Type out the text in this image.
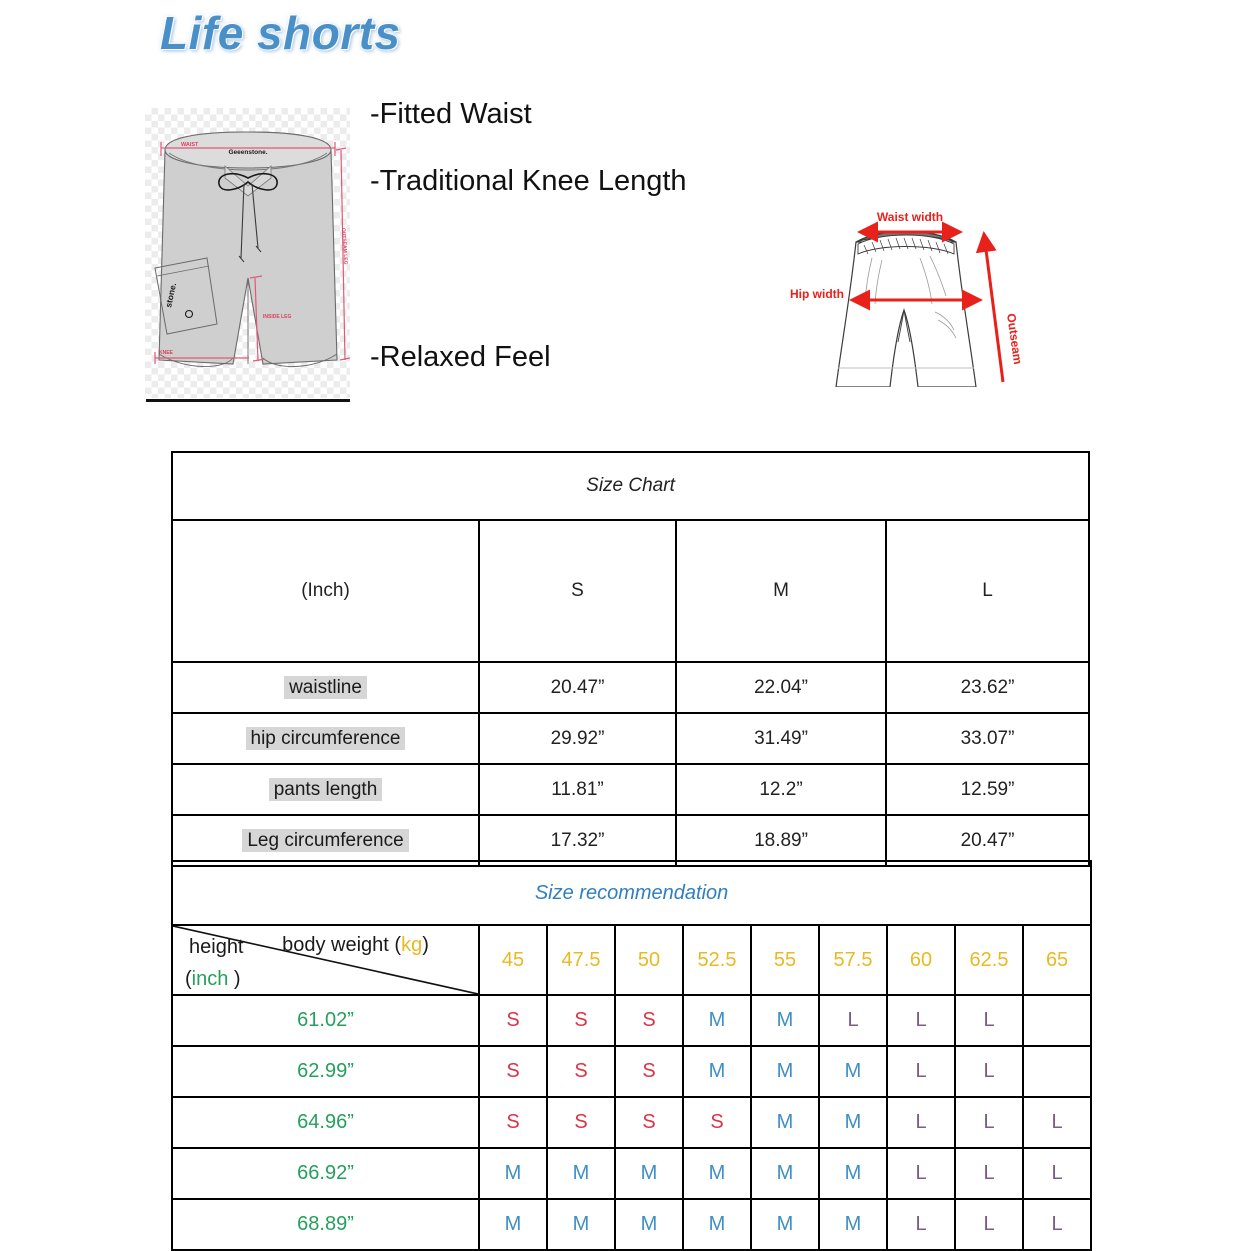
Life shorts
Geeenstone.
stone.
WAIST
OUTSEAM LEG
INSIDE LEG
KNEE
-Fitted Waist
-Traditional Knee Length
-Relaxed Feel
Waist width
Hip width
Outseam
Size Chart			
(Inch)	S	M	L
waistline	20.47”	22.04”	23.62”
hip circumference	29.92”	31.49”	33.07”
pants length	11.81”	12.2”	12.59”
Leg circumference	17.32”	18.89”	20.47”
Size recommendation									

body weight (kg)
height
(inch )	45	47.5	50	52.5	55	57.5	60	62.5	65
61.02”	S	S	S	M	M	L	L	L	
62.99”	S	S	S	M	M	M	L	L	
64.96”	S	S	S	S	M	M	L	L	L
66.92”	M	M	M	M	M	M	L	L	L
68.89”	M	M	M	M	M	M	L	L	L
